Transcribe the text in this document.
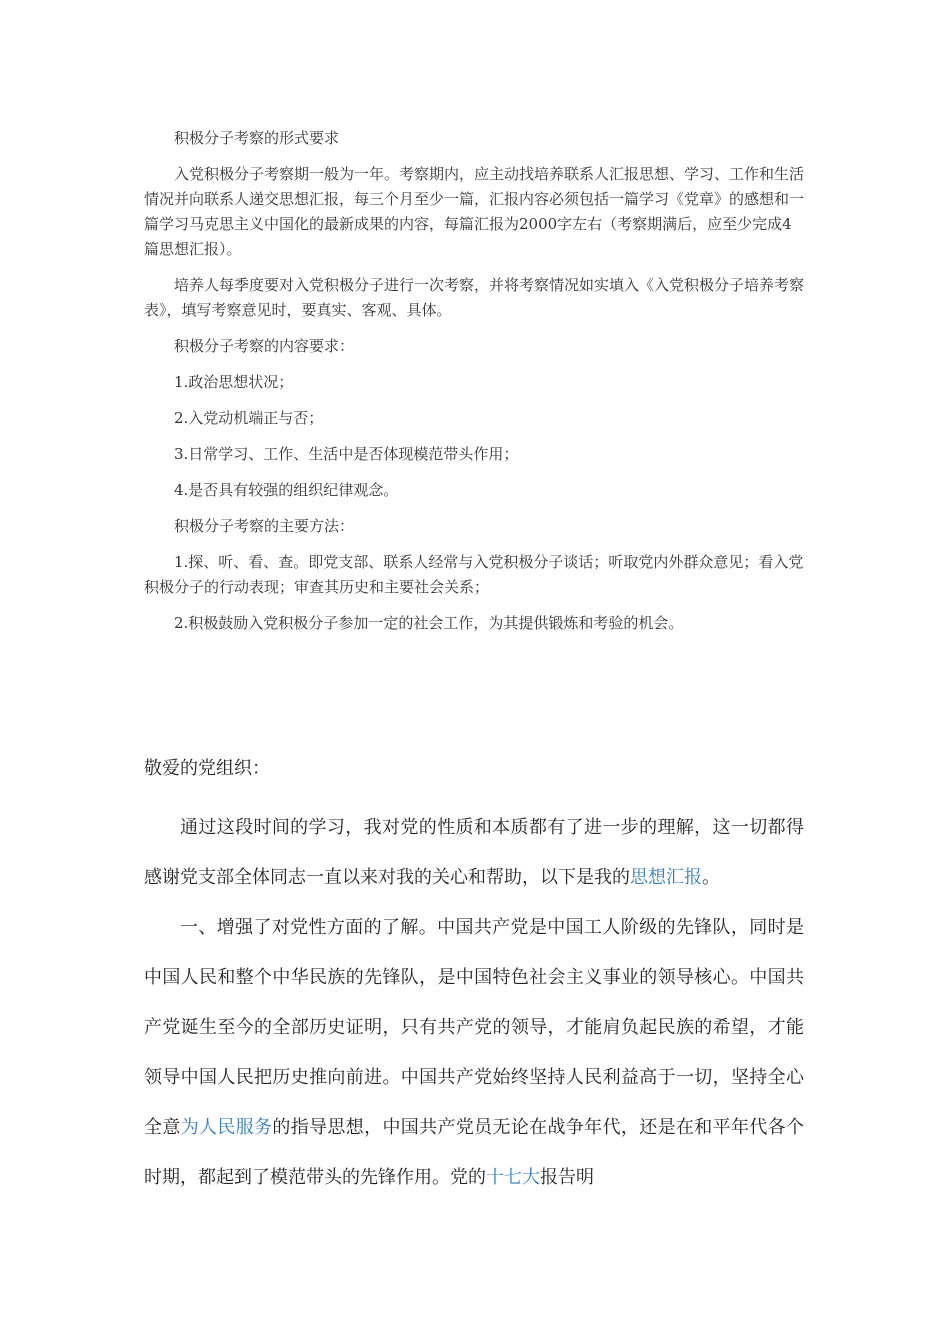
积极分子考察的形式要求

入党积极分子考察期一般为一年。考察期内，应主动找培养联系人汇报思想、学习、工作和生活情况并向联系人递交思想汇报，每三个月至少一篇，汇报内容必须包括一篇学习《党章》的感想和一篇学习马克思主义中国化的最新成果的内容，每篇汇报为2000字左右（考察期满后，应至少完成4篇思想汇报）。

培养人每季度要对入党积极分子进行一次考察，并将考察情况如实填入《入党积极分子培养考察表》，填写考察意见时，要真实、客观、具体。

积极分子考察的内容要求：

1.政治思想状况；

2.入党动机端正与否；

3.日常学习、工作、生活中是否体现模范带头作用；

4.是否具有较强的组织纪律观念。

积极分子考察的主要方法：

1.探、听、看、查。即党支部、联系人经常与入党积极分子谈话；听取党内外群众意见；看入党积极分子的行动表现；审查其历史和主要社会关系；

2.积极鼓励入党积极分子参加一定的社会工作，为其提供锻炼和考验的机会。

敬爱的党组织：

通过这段时间的学习，我对党的性质和本质都有了进一步的理解，这一切都得感谢党支部全体同志一直以来对我的关心和帮助，以下是我的思想汇报。

一、增强了对党性方面的了解。中国共产党是中国工人阶级的先锋队，同时是中国人民和整个中华民族的先锋队，是中国特色社会主义事业的领导核心。中国共产党诞生至今的全部历史证明，只有共产党的领导，才能肩负起民族的希望，才能领导中国人民把历史推向前进。中国共产党始终坚持人民利益高于一切，坚持全心全意为人民服务的指导思想，中国共产党员无论在战争年代，还是在和平年代各个时期，都起到了模范带头的先锋作用。党的十七大报告明
